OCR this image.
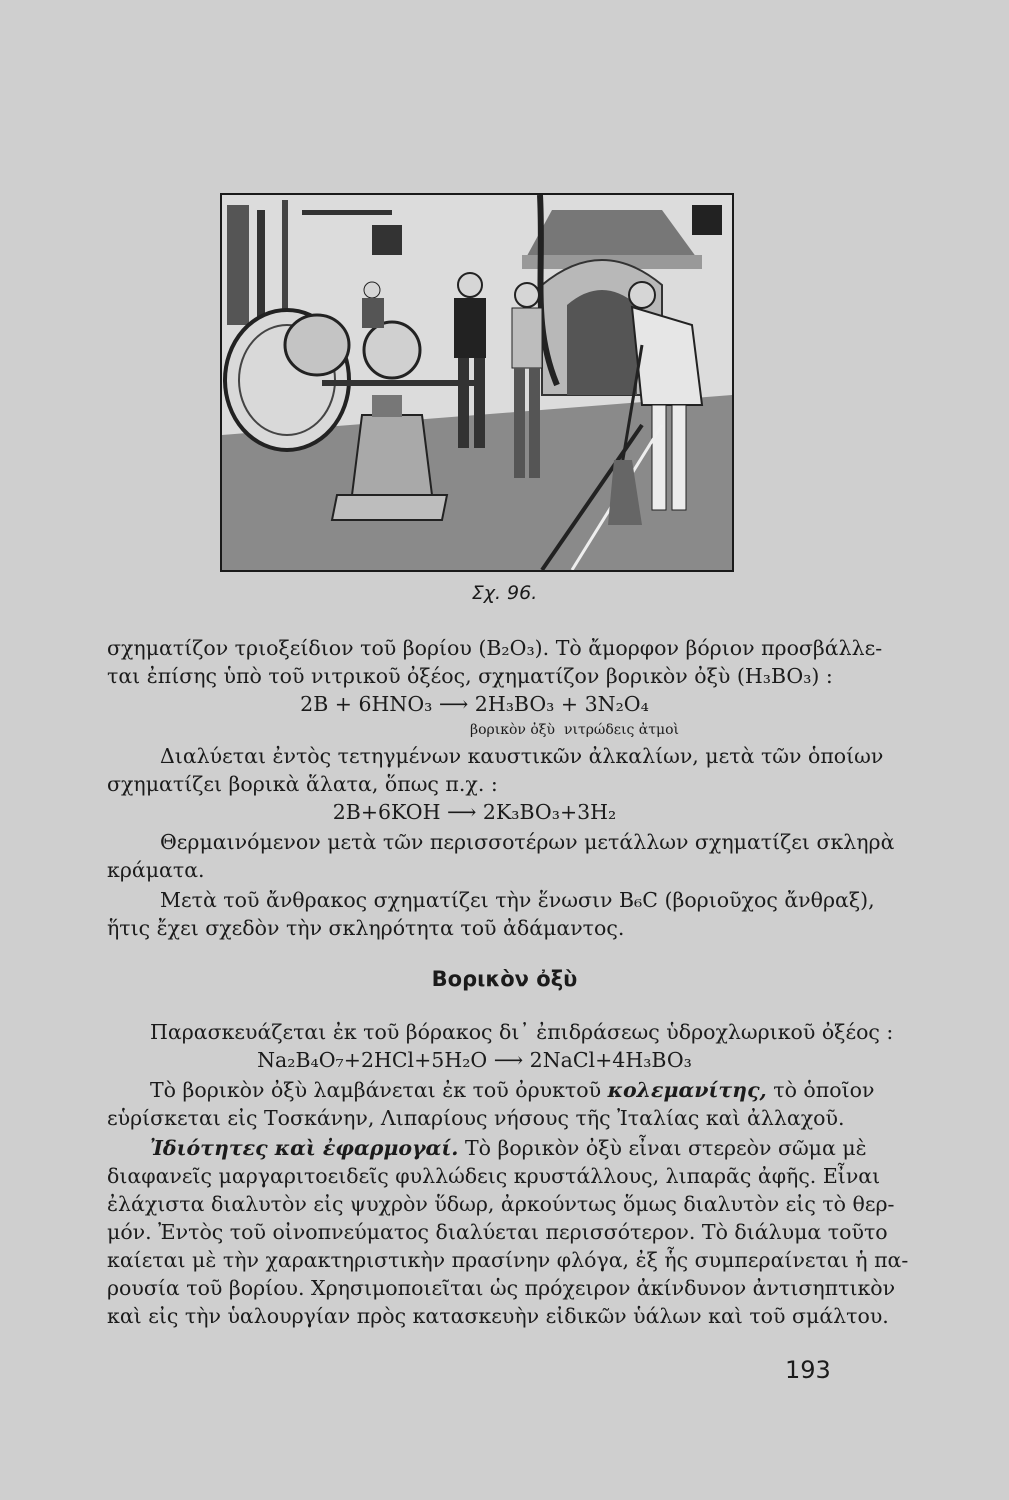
Σχ. 96.
σχηματίζον τριοξείδιον τοῦ βορίου (B₂O₃). Τὸ ἄμορφον βόριον προσβάλλε-
ται ἐπίσης ὑπὸ τοῦ νιτρικοῦ ὀξέος, σχηματίζον βορικὸν ὀξὺ (H₃BO₃) :
2B + 6HNO₃ ⟶ 2H₃BO₃ + 3N₂O₄
βορικὸν ὀξὺ νιτρώδεις ἀτμοὶ
Διαλύεται ἐντὸς τετηγμένων καυστικῶν ἀλκαλίων, μετὰ τῶν ὁποίων
σχηματίζει βορικὰ ἅλατα, ὅπως π.χ. :
2B+6KOH ⟶ 2K₃BO₃+3H₂
Θερμαινόμενον μετὰ τῶν περισσοτέρων μετάλλων σχηματίζει σκληρὰ
κράματα.
Μετὰ τοῦ ἄνθρακος σχηματίζει τὴν ἕνωσιν B₆C (βοριοῦχος ἄνθραξ),
ἥτις ἔχει σχεδὸν τὴν σκληρότητα τοῦ ἀδάμαντος.
Βορικὸν ὀξὺ
Παρασκευάζεται ἐκ τοῦ βόρακος δι᾽ ἐπιδράσεως ὑδροχλωρικοῦ ὀξέος :
Na₂B₄O₇+2HCl+5H₂O ⟶ 2NaCl+4H₃BO₃
Τὸ βορικὸν ὀξὺ λαμβάνεται ἐκ τοῦ ὀρυκτοῦ κολεμανίτης, τὸ ὁποῖον
εὑρίσκεται εἰς Τοσκάνην, Λιπαρίους νήσους τῆς Ἰταλίας καὶ ἀλλαχοῦ.
Ἰδιότητες καὶ ἐφαρμογαί. Τὸ βορικὸν ὀξὺ εἶναι στερεὸν σῶμα μὲ
διαφανεῖς μαργαριτοειδεῖς φυλλώδεις κρυστάλλους, λιπαρᾶς ἀφῆς. Εἶναι
ἐλάχιστα διαλυτὸν εἰς ψυχρὸν ὕδωρ, ἀρκούντως ὅμως διαλυτὸν εἰς τὸ θερ-
μόν. Ἐντὸς τοῦ οἰνοπνεύματος διαλύεται περισσότερον. Τὸ διάλυμα τοῦτο
καίεται μὲ τὴν χαρακτηριστικὴν πρασίνην φλόγα, ἐξ ἧς συμπεραίνεται ἡ πα-
ρουσία τοῦ βορίου. Χρησιμοποιεῖται ὡς πρόχειρον ἀκίνδυνον ἀντισηπτικὸν
καὶ εἰς τὴν ὑαλουργίαν πρὸς κατασκευὴν εἰδικῶν ὑάλων καὶ τοῦ σμάλτου.
193
